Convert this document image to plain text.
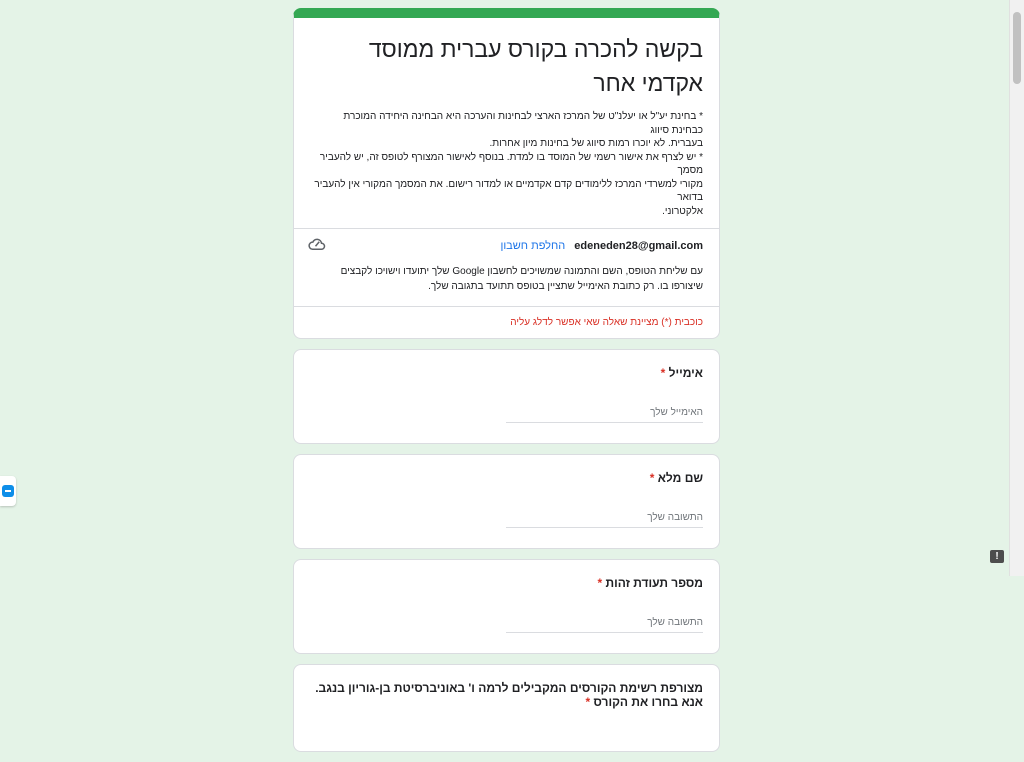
בקשה להכרה בקורס עברית ממוסד אקדמי אחר

* בחינת יע"ל או יעלנ"ט של המרכז הארצי לבחינות והערכה היא הבחינה היחידה המוכרת כבחינת סיווג
בעברית. לא יוכרו רמות סיווג של בחינות מיון אחרות.
* יש לצרף את אישור רשמי של המוסד בו למדת. בנוסף לאישור המצורף לטופס זה, יש להעביר מסמך
מקורי למשרדי המרכז ללימודים קדם אקדמיים או למדור רישום. את המסמך המקורי אין להעביר בדואר
אלקטרוני.

edeneden28@gmail.com החלפת חשבון
עם שליחת הטופס, השם והתמונה שמשויכים לחשבון Google שלך יתועדו וישויכו לקבצים שיצורפו בו. רק כתובת האימייל שתציין בטופס תתועד בתגובה שלך.
כוכבית (*) מציינת שאלה שאי אפשר לדלג עליה
אימייל *
האימייל שלך
שם מלא *
התשובה שלך
מספר תעודת זהות *
התשובה שלך
מצורפת רשימת הקורסים המקבילים לרמה ו' באוניברסיטת בן-גוריון בנגב. אנא בחרו את הקורס *
!
